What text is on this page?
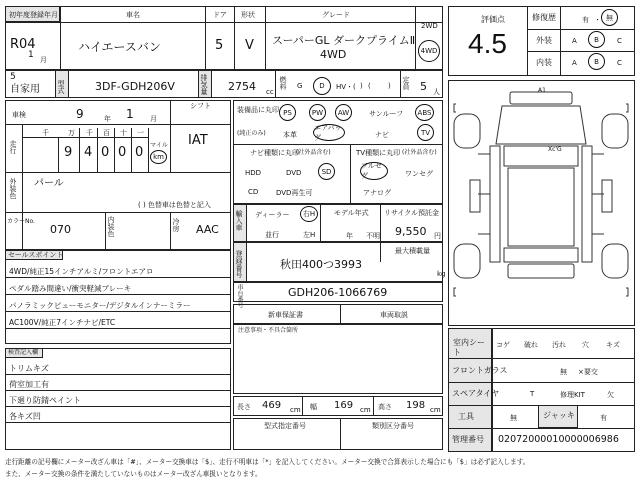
初年度登録年月
R04
1 月
車名
ハイエースバン
ドア
5
形状
V
グレード
スーパーGL ダークプライムⅡ
4WD
2WD
4WD
5
自家用 型式	3DF-GDH206V	排気量 2754 cc
燃料 G D HV・( ) ( ) 定員 5 人
評価点
4.5
修復歴	有 ・ 無
外装	A B	C
内装	A B	C
車検	9	年 1 月
シフト
IAT
走行
千	万 千 百 十 一
9 4 0 0 0 マイル
km
外装色 パール
( ) 色替車は色替と記入
カラーNo.
070	内装色	冷房 AAC
装備品に丸印
(純正のみ)
PS	PW AW	サンルーフ ABS
本革
エアバッグ	ナビ	TV
ナビ種類に丸印
(社外品含む)	TV種類に丸印 (社外品含む)
HDD	DVD	SD
CD	DVD再生可
フルセグ	ワンセグ
アナログ
輸入車 ディーラー 右H
並行	左H
モデル年式
年 不明
リサイクル預託金
9,550 円
最大積載量
kg
登録番号	秋田400つ3993
車台番号	GDH206-1066769
セールスポイント
4WD/純正15インチアルミ/フロントエアロ
ペダル踏み間違い/衝突軽減ブレーキ
パノラミックビューモニター/デジタルインナーミラー
AC100V/純正7インチナビ/ETC
新車保証書	車両取説
注意事項・不具合箇所
検査記入欄
トリムキズ
荷室加工有
下廻り防錆ペイント
各キズ凹
長さ 469 cm 幅 169 cm 高さ 198 cm
型式指定番号	類別区分番号
A1
Xc'G
室内シート
コゲ 破れ 汚れ 穴 キズ
フロントガラス	無 ×要交
スペアタイヤ	T	修理KIT	欠
工具	無	ジャッキ	有
管理番号 02072000010000006986
走行距離の記号欄にメーター改ざん車は「#」、メーター交換車は「$」、走行不明車は「*」を記入してください。メーター交換で合算表示した場合にも「$」は必ず記入します。
また、メーター交換の条件を満たしていないものはメーター改ざん車扱いとなります。
